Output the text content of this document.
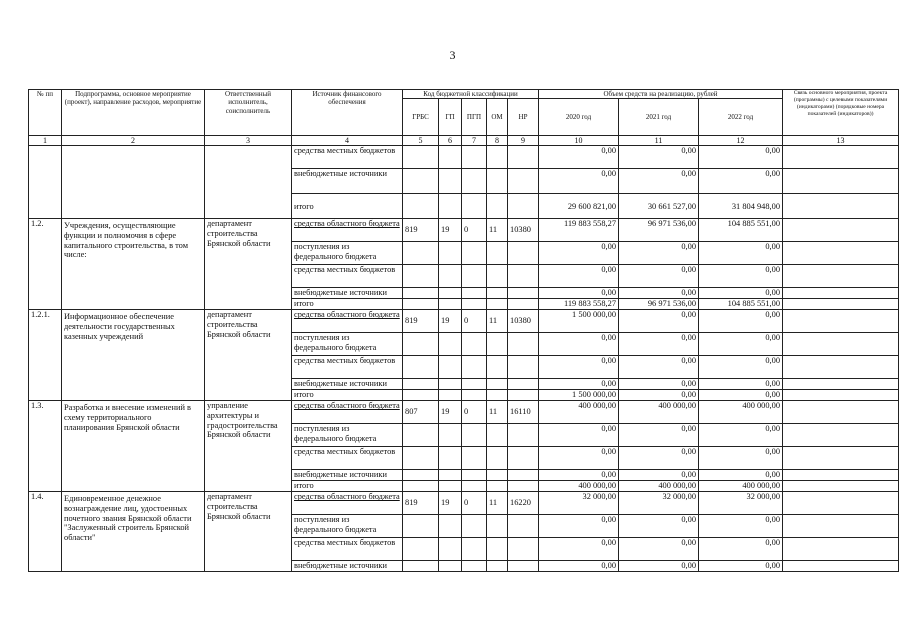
3
№ пп	Подпрограмма, основное мероприятие (проект), направление расходов, мероприятие	Ответственный исполнитель, соисполнитель	Источник финансового обеспечения	Код бюджетной классификации					Объем средств на реализацию, рублей			Связь основного мероприятия, проекта (программы) с целевыми показателями (индикаторами) (порядковые номера показателей (индикаторов))
				ГРБС	ГП	ПГП	ОМ	НР	2020 год	2021 год	2022 год	
1	2	3	4	5	6	7	8	9	10	11	12	13
			средства местных бюджетов						0,00	0,00	0,00	
			внебюджетные источники						0,00	0,00	0,00	
			итого						29 600 821,00	30 661 527,00	31 804 948,00	
1.2.	Учреждения, осуществляющие функции и полномочия в сфере капитального строительства, в том числе:	департамент строительства Брянской области	средства областного бюджета	819	19	0	11	10380	119 883 558,27	96 971 536,00	104 885 551,00	
			поступления из федерального бюджета						0,00	0,00	0,00	
			средства местных бюджетов						0,00	0,00	0,00	
			внебюджетные источники						0,00	0,00	0,00	
			итого						119 883 558,27	96 971 536,00	104 885 551,00	
1.2.1.	Информационное обеспечение деятельности государственных казенных учреждений	департамент строительства Брянской области	средства областного бюджета	819	19	0	11	10380	1 500 000,00	0,00	0,00	
			поступления из федерального бюджета						0,00	0,00	0,00	
			средства местных бюджетов						0,00	0,00	0,00	
			внебюджетные источники						0,00	0,00	0,00	
			итого						1 500 000,00	0,00	0,00	
1.3.	Разработка и внесение изменений в схему территориального планирования Брянской области	управление архитектуры и градостроительства Брянской области	средства областного бюджета	807	19	0	11	16110	400 000,00	400 000,00	400 000,00	
			поступления из федерального бюджета						0,00	0,00	0,00	
			средства местных бюджетов						0,00	0,00	0,00	
			внебюджетные источники						0,00	0,00	0,00	
			итого						400 000,00	400 000,00	400 000,00	
1.4.	Единовременное денежное вознаграждение лиц, удостоенных почетного звания Брянской области "Заслуженный строитель Брянской области"	департамент строительства Брянской области	средства областного бюджета	819	19	0	11	16220	32 000,00	32 000,00	32 000,00	
			поступления из федерального бюджета						0,00	0,00	0,00	
			средства местных бюджетов						0,00	0,00	0,00	
			внебюджетные источники						0,00	0,00	0,00	
